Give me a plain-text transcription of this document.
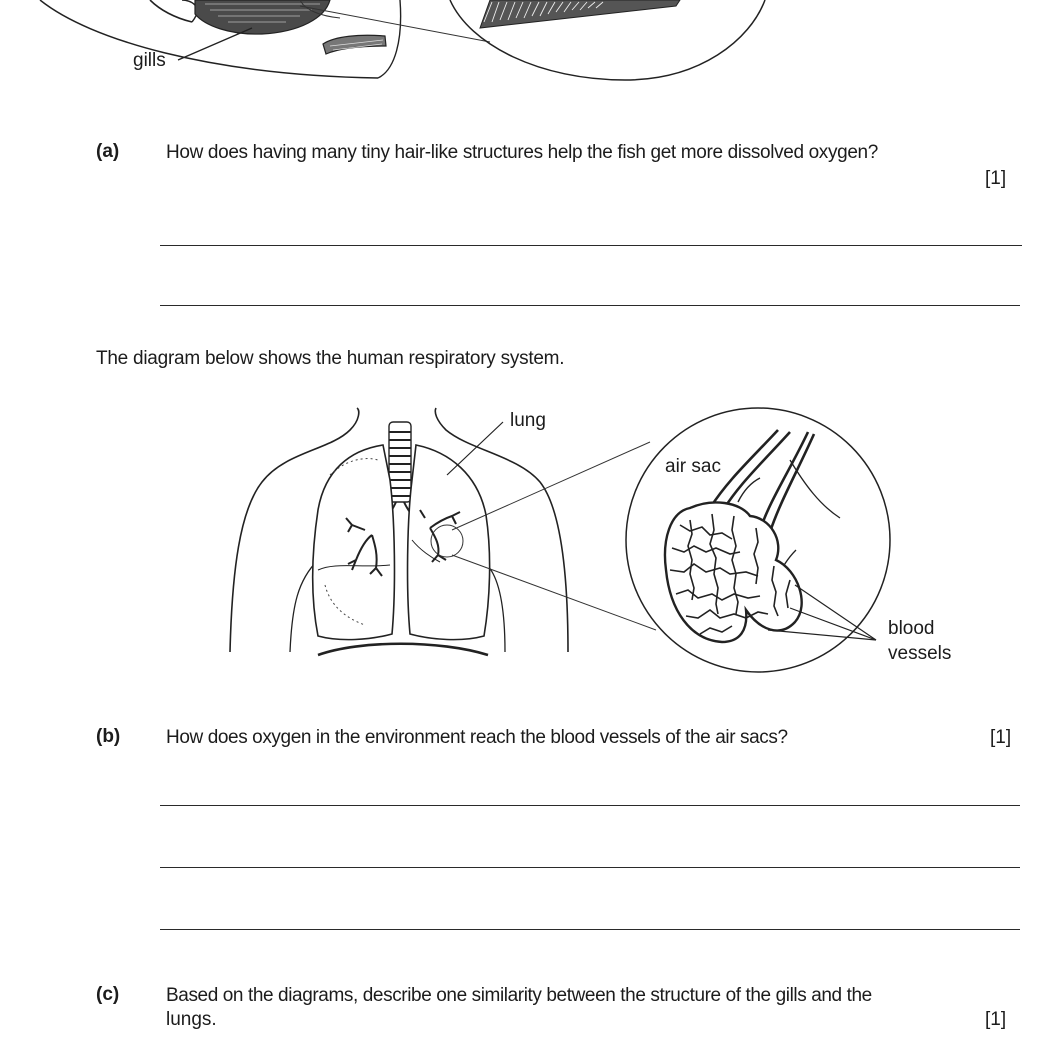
gills
(a) How does having many tiny hair-like structures help the fish get more dissolved oxygen?
[1]
The diagram below shows the human respiratory system.
lung
air sac
blood
vessels
(b) How does oxygen in the environment reach the blood vessels of the air sacs?	[1]
(c) Based on the diagrams, describe one similarity between the structure of the gills and the
lungs.	[1]
